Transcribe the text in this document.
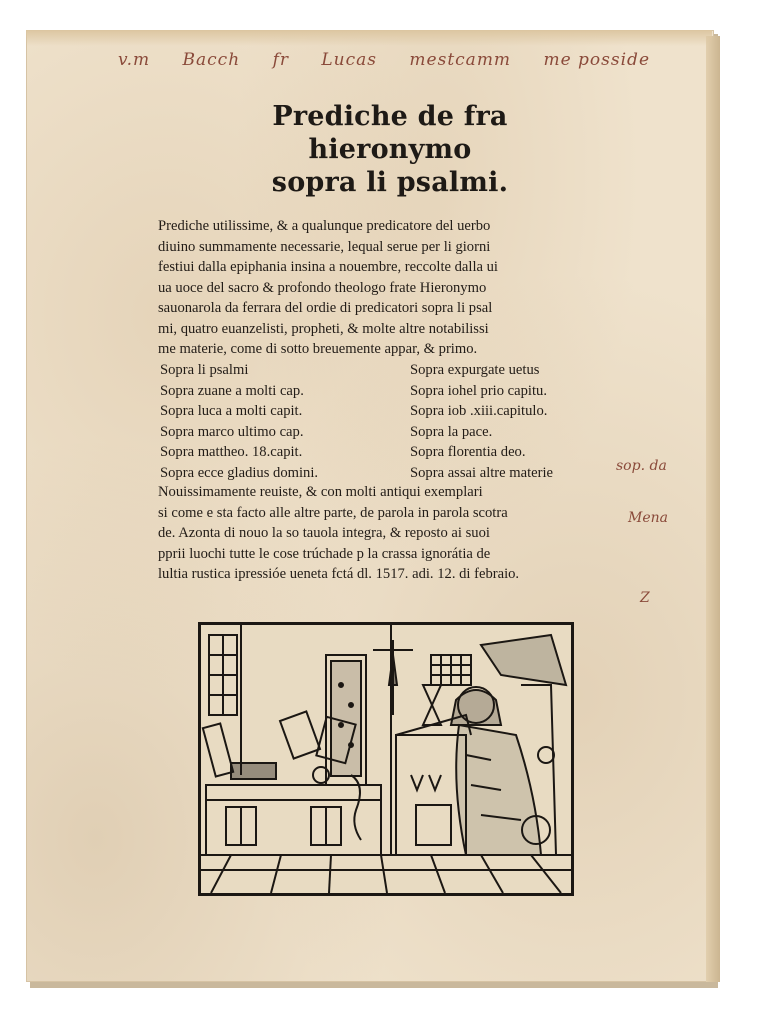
v.m Bacch fr Lucas mestcamm me posside
Prediche de fra hieronymo
sopra li psalmi.
Prediche utilissime, & a qualunque predicatore del uerbo
diuino summamente necessarie, lequal serue per li giorni
festiui dalla epiphania insina a nouembre, reccolte dalla ui
ua uoce del sacro & profondo theologo frate Hieronymo
sauonarola da ferrara del ordie di predicatori sopra li psal
mi, quatro euanzelisti, propheti, & molte altre notabilissi
me materie, come di sotto breuemente appar, & primo.
Sopra li psalmi	Sopra expurgate uetus
Sopra zuane a molti cap.	Sopra iohel prio capitu.
Sopra luca a molti capit.	Sopra iob .xiii.capitulo.
Sopra marco ultimo cap.	Sopra la pace.
Sopra mattheo. 18.capit.	Sopra florentia deo.
Sopra ecce gladius domini.	Sopra assai altre materie
Nouissimamente reuiste, & con molti antiqui exemplari
si come e sta facto alle altre parte, de parola in parola scotra
de. Azonta di nouo la so tauola integra, & reposto ai suoi
pprii luochi tutte le cose trúchade p la crassa ignorátia de
lultia rustica ipressióe ueneta fctá dl. 1517. adi. 12. di febraio.
sop. da
Mena
Z
